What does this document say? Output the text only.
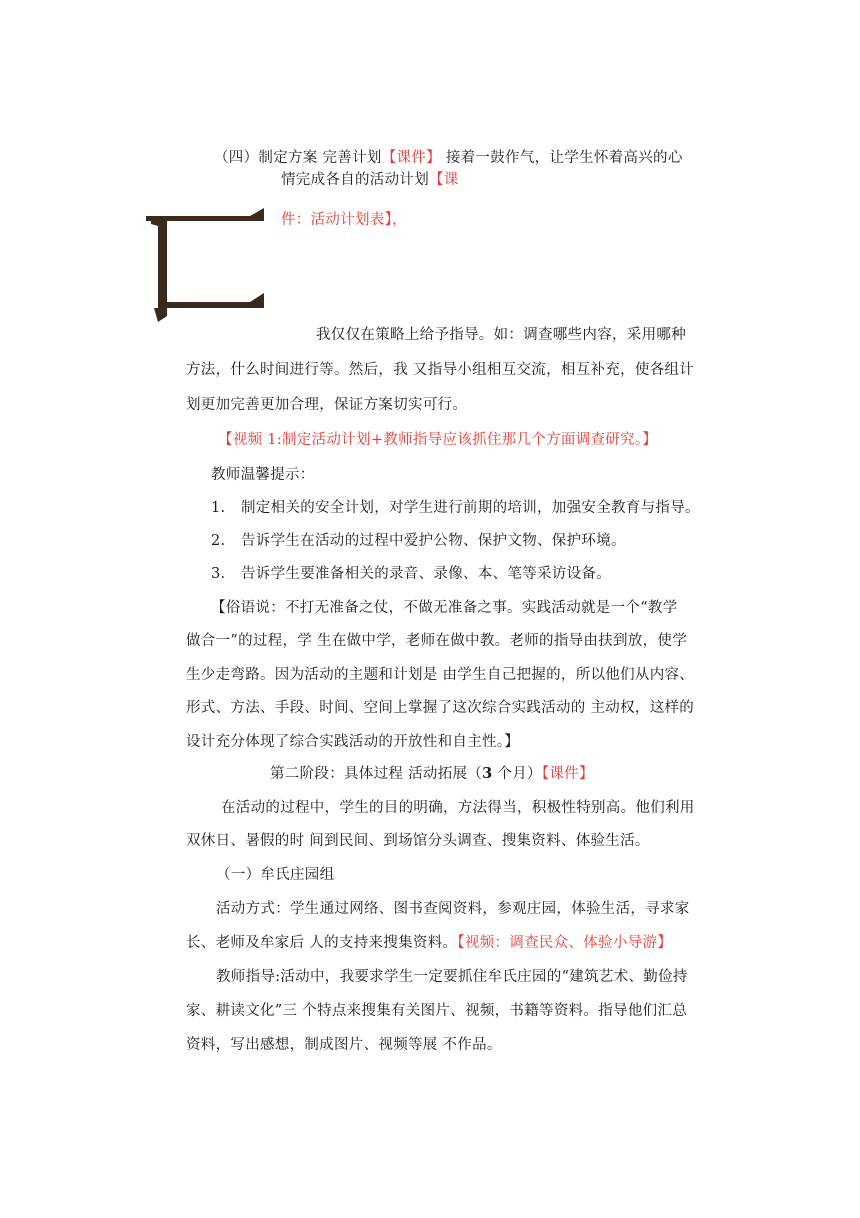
（四）制定方案 完善计划【课件】 接着一鼓作气，让学生怀着高兴的心
情完成各自的活动计划【课
件：活动计划表】，
我仅仅在策略上给予指导。如：调查哪些内容，采用哪种
方法，什么时间进行等。然后，我 又指导小组相互交流，相互补充，使各组计
划更加完善更加合理，保证方案切实可行。
【视频 1:制定活动计划+教师指导应该抓住那几个方面调查研究。】
教师温馨提示：
1. 制定相关的安全计划，对学生进行前期的培训，加强安全教育与指导。
2. 告诉学生在活动的过程中爱护公物、保护文物、保护环境。
3. 告诉学生要准备相关的录音、录像、本、笔等采访设备。
【俗语说：不打无准备之仗，不做无准备之事。实践活动就是一个“教学
做合一”的过程，学 生在做中学，老师在做中教。老师的指导由扶到放，使学
生少走弯路。因为活动的主题和计划是 由学生自己把握的，所以他们从内容、
形式、方法、手段、时间、空间上掌握了这次综合实践活动的 主动权，这样的
设计充分体现了综合实践活动的开放性和自主性。】
第二阶段：具体过程 活动拓展（3 个月）【课件】
在活动的过程中，学生的目的明确，方法得当，积极性特别高。他们利用
双休日、暑假的时 间到民间、到场馆分头调查、搜集资料、体验生活。
（一）牟氏庄园组
活动方式：学生通过网络、图书查阅资料，参观庄园，体验生活，寻求家
长、老师及牟家后 人的支持来搜集资料。【视频：调查民众、体验小导游】
教师指导:活动中，我要求学生一定要抓住牟氏庄园的“建筑艺术、勤俭持
家、耕读文化”三 个特点来搜集有关图片、视频，书籍等资料。指导他们汇总
资料，写出感想，制成图片、视频等展 不作品。
